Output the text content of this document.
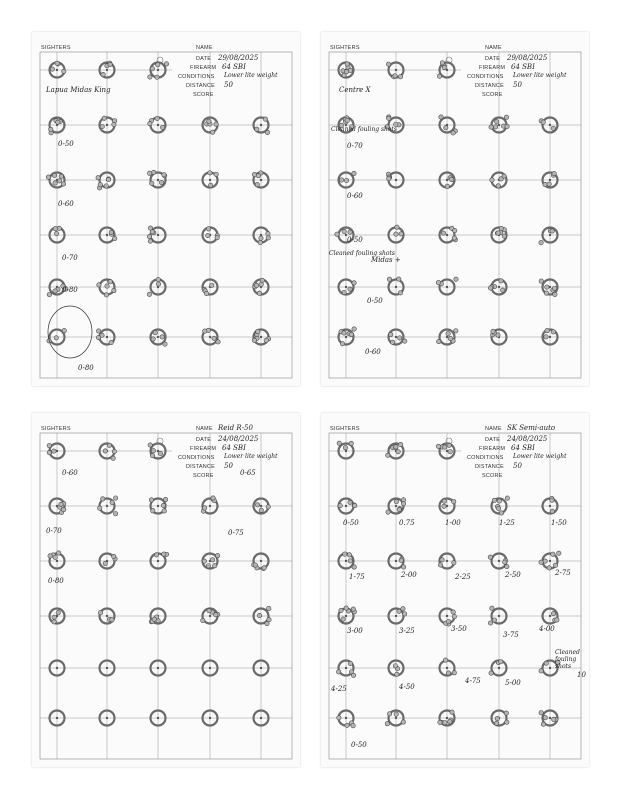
SIGHTERS	NAME
DATE 29/08/2025
FIREARM 64 SBI
CONDITIONS Lower lite weight
DISTANCE 50
SCORE
Lapua Midas King
0-50
0-60
0-70
0-80
0-80
SIGHTERS	NAME
DATE 29/08/2025
FIREARM 64 SBI
CONDITIONS Lower lite weight
DISTANCE 50
SCORE
Centre X
Cleaned fouling shots
0-70
0-60
0-50
Cleaned fouling shots
Midas +
0-50
0-60
SIGHTERS	NAME Reid R-50
DATE 24/08/2025
FIREARM 64 SBI
CONDITIONS Lower lite weight
DISTANCE 50
SCORE
0-60	0-65
0-70	0-75
0-80
SIGHTERS	NAME SK Semi-auto
DATE 24/08/2025
FIREARM 64 SBI
CONDITIONS Lower lite weight
DISTANCE 50
SCORE
0-50	0.75	1-00	1-25	1-50
1-75	2-00	2-25	2-50	2-75
3-00	3-25	3-50
3-75
4-00
4-25	4-50
4-75	5-00
Cleaned fouling shots
10
0-50
